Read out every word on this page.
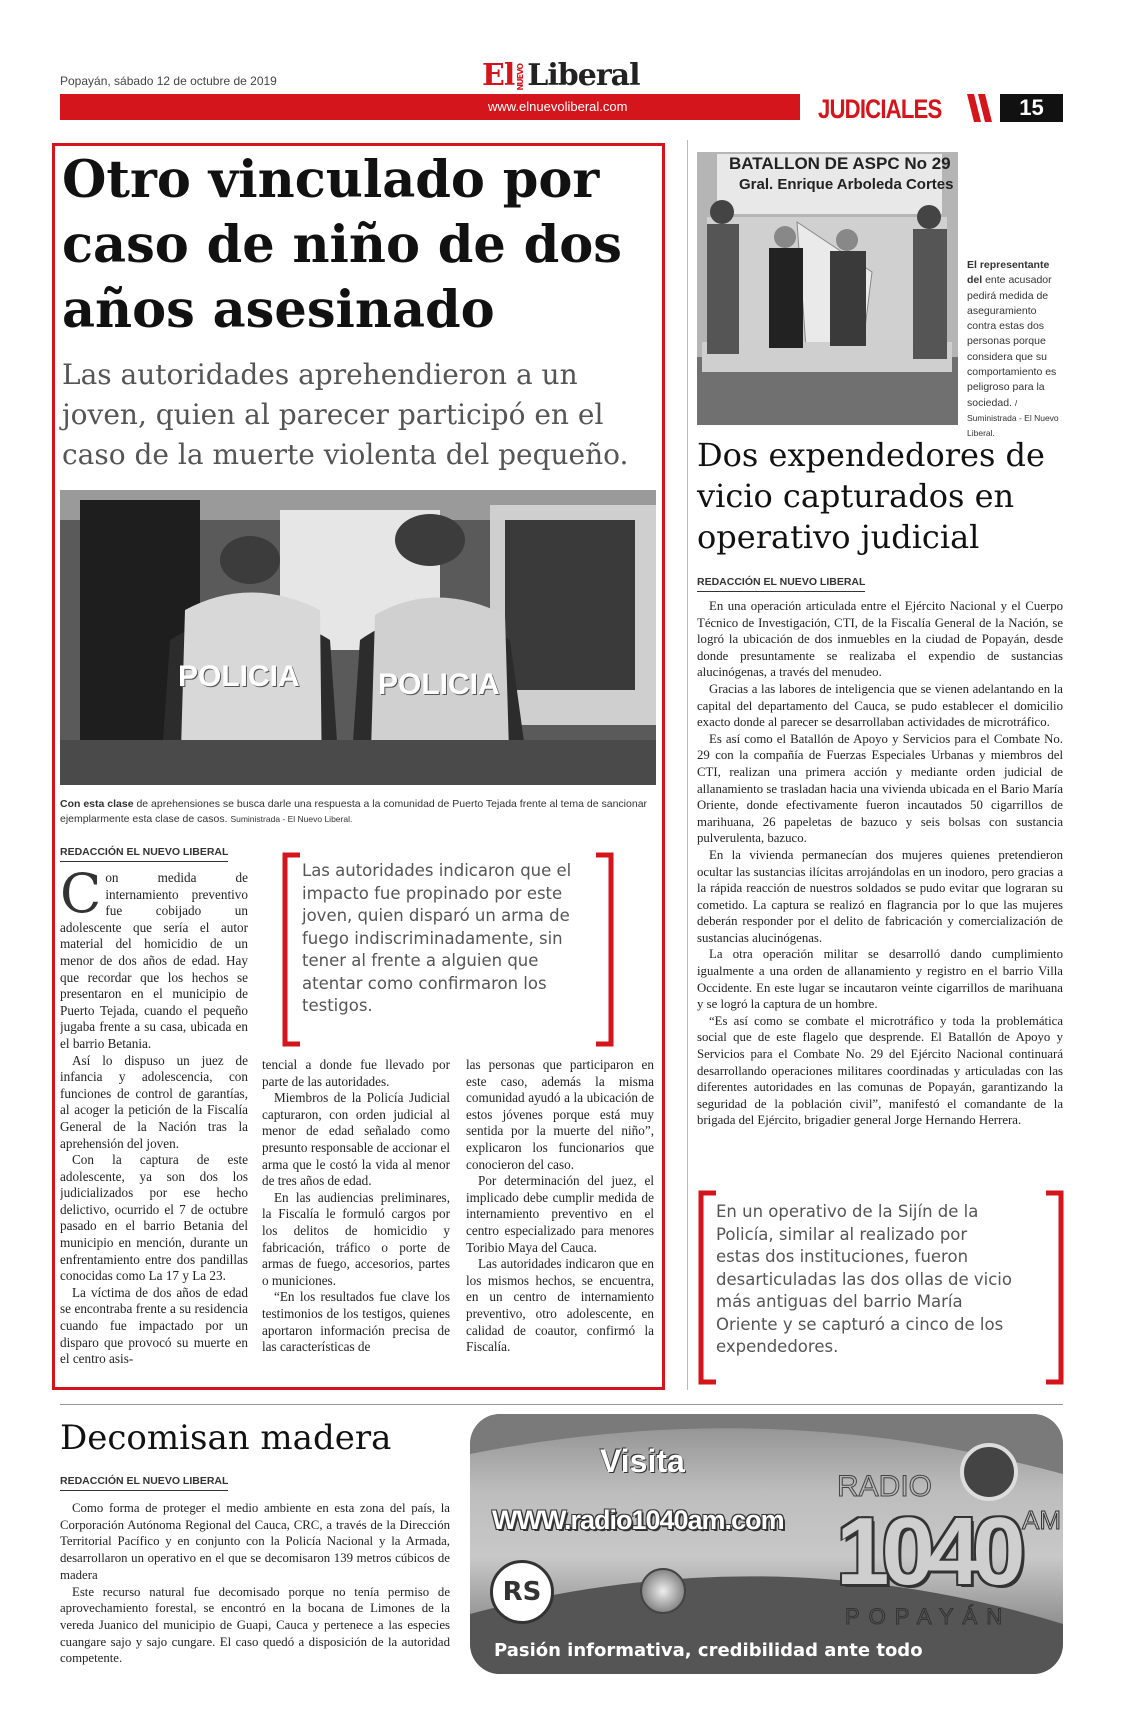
Popayán, sábado 12 de octubre de 2019	El NUEVOLiberal
www.elnuevoliberal.com	JUDICIALES	15
Otro vinculado por caso de niño de dos años asesinado
Las autoridades aprehendieron a un joven, quien al parecer participó en el caso de la muerte violenta del pequeño.
POLICIA	POLICIA
Con esta clase de aprehensiones se busca darle una respuesta a la comunidad de Puerto Tejada frente al tema de sancionar ejemplarmente esta clase de casos. Suministrada - El Nuevo Liberal.
REDACCIÓN EL NUEVO LIBERAL

Con medida de internamiento preventivo fue cobijado un adolescente que sería el autor material del homicidio de un menor de dos años de edad. Hay que recordar que los hechos se presentaron en el municipio de Puerto Tejada, cuando el pequeño jugaba frente a su casa, ubicada en el barrio Betania.

Así lo dispuso un juez de infancia y adolescencia, con funciones de control de garantías, al acoger la petición de la Fiscalía General de la Nación tras la aprehensión del joven.

Con la captura de este adolescente, ya son dos los judicializados por ese hecho delictivo, ocurrido el 7 de octubre pasado en el barrio Betania del municipio en mención, durante un enfrentamiento entre dos pandillas conocidas como La 17 y La 23.

La víctima de dos años de edad se encontraba frente a su residencia cuando fue impactado por un disparo que provocó su muerte en el centro asis-

Las autoridades indicaron que el impacto fue propinado por este joven, quien disparó un arma de fuego indiscriminadamente, sin tener al frente a alguien que atentar como confirmaron los testigos.

tencial a donde fue llevado por parte de las autoridades.

Miembros de la Policía Judicial capturaron, con orden judicial al menor de edad señalado como presunto responsable de accionar el arma que le costó la vida al menor de tres años de edad.

En las audiencias preliminares, la Fiscalía le formuló cargos por los delitos de homicidio y fabricación, tráfico o porte de armas de fuego, accesorios, partes o municiones.

“En los resultados fue clave los testimonios de los testigos, quienes aportaron información precisa de las características de

las personas que participaron en este caso, además la misma comunidad ayudó a la ubicación de estos jóvenes porque está muy sentida por la muerte del niño”, explicaron los funcionarios que conocieron del caso.

Por determinación del juez, el implicado debe cumplir medida de internamiento preventivo en el centro especializado para menores Toribio Maya del Cauca.

Las autoridades indicaron que en los mismos hechos, se encuentra, en un centro de internamiento preventivo, otro adolescente, en calidad de coautor, confirmó la Fiscalía.

BATALLON DE ASPC No 29
Gral. Enrique Arboleda Cortes
El representante del ente acusador pedirá medida de aseguramiento contra estas dos personas porque considera que su comportamiento es peligroso para la sociedad. / Suministrada - El Nuevo Liberal.
Dos expendedores de vicio capturados en operativo judicial
REDACCIÓN EL NUEVO LIBERAL

En una operación articulada entre el Ejército Nacional y el Cuerpo Técnico de Investigación, CTI, de la Fiscalía General de la Nación, se logró la ubicación de dos inmuebles en la ciudad de Popayán, desde donde presuntamente se realizaba el expendio de sustancias alucinógenas, a través del menudeo.

Gracias a las labores de inteligencia que se vienen adelantando en la capital del departamento del Cauca, se pudo establecer el domicilio exacto donde al parecer se desarrollaban actividades de microtráfico.

Es así como el Batallón de Apoyo y Servicios para el Combate No. 29 con la compañía de Fuerzas Especiales Urbanas y miembros del CTI, realizan una primera acción y mediante orden judicial de allanamiento se trasladan hacia una vivienda ubicada en el Bario María Oriente, donde efectivamente fueron incautados 50 cigarrillos de marihuana, 26 papeletas de bazuco y seis bolsas con sustancia pulverulenta, bazuco.

En la vivienda permanecían dos mujeres quienes pretendieron ocultar las sustancias ilícitas arrojándolas en un inodoro, pero gracias a la rápida reacción de nuestros soldados se pudo evitar que lograran su cometido. La captura se realizó en flagrancia por lo que las mujeres deberán responder por el delito de fabricación y comercialización de sustancias alucinógenas.

La otra operación militar se desarrolló dando cumplimiento igualmente a una orden de allanamiento y registro en el barrio Villa Occidente. En este lugar se incautaron veinte cigarrillos de marihuana y se logró la captura de un hombre.

“Es así como se combate el microtráfico y toda la problemática social que de este flagelo que desprende. El Batallón de Apoyo y Servicios para el Combate No. 29 del Ejército Nacional continuará desarrollando operaciones militares coordinadas y articuladas con las diferentes autoridades en las comunas de Popayán, garantizando la seguridad de la población civil”, manifestó el comandante de la brigada del Ejército, brigadier general Jorge Hernando Herrera.

En un operativo de la Sijín de la Policía, similar al realizado por estas dos instituciones, fueron desarticuladas las dos ollas de vicio más antiguas del barrio María Oriente y se capturó a cinco de los expendedores.
Decomisan madera
REDACCIÓN EL NUEVO LIBERAL

Como forma de proteger el medio ambiente en esta zona del país, la Corporación Autónoma Regional del Cauca, CRC, a través de la Dirección Territorial Pacífico y en conjunto con la Policía Nacional y la Armada, desarrollaron un operativo en el que se decomisaron 139 metros cúbicos de madera

Este recurso natural fue decomisado porque no tenía permiso de aprovechamiento forestal, se encontró en la bocana de Limones de la vereda Juanico del municipio de Guapi, Cauca y pertenece a las especies cuangare sajo y sajo cungare. El caso quedó a disposición de la autoridad competente.

Visita
WWW.radio1040am.com
RADIO
1040 AM
POPAYÁN
RS
Pasión informativa, credibilidad ante todo
